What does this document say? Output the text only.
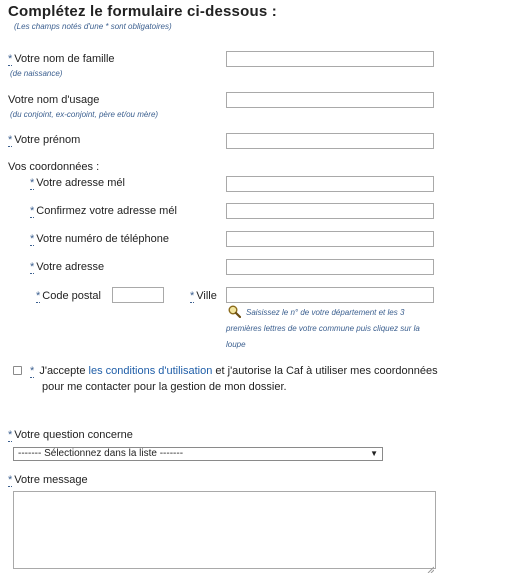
Complétez le formulaire ci-dessous :
(Les champs notés d'une * sont obligatoires)
* Votre nom de famille
(de naissance)
Votre nom d'usage
(du conjoint, ex-conjoint, père et/ou mère)
* Votre prénom
Vos coordonnées :
* Votre adresse mél
* Confirmez votre adresse mél
* Votre numéro de téléphone
* Votre adresse
* Code postal	* Ville
Saisissez le n° de votre département et les 3
premières lettres de votre commune puis cliquez sur la
loupe
* J'accepte les conditions d'utilisation et j'autorise la Caf à utiliser mes coordonnées
pour me contacter pour la gestion de mon dossier.
* Votre question concerne
------- Sélectionnez dans la liste -------	▼
* Votre message
